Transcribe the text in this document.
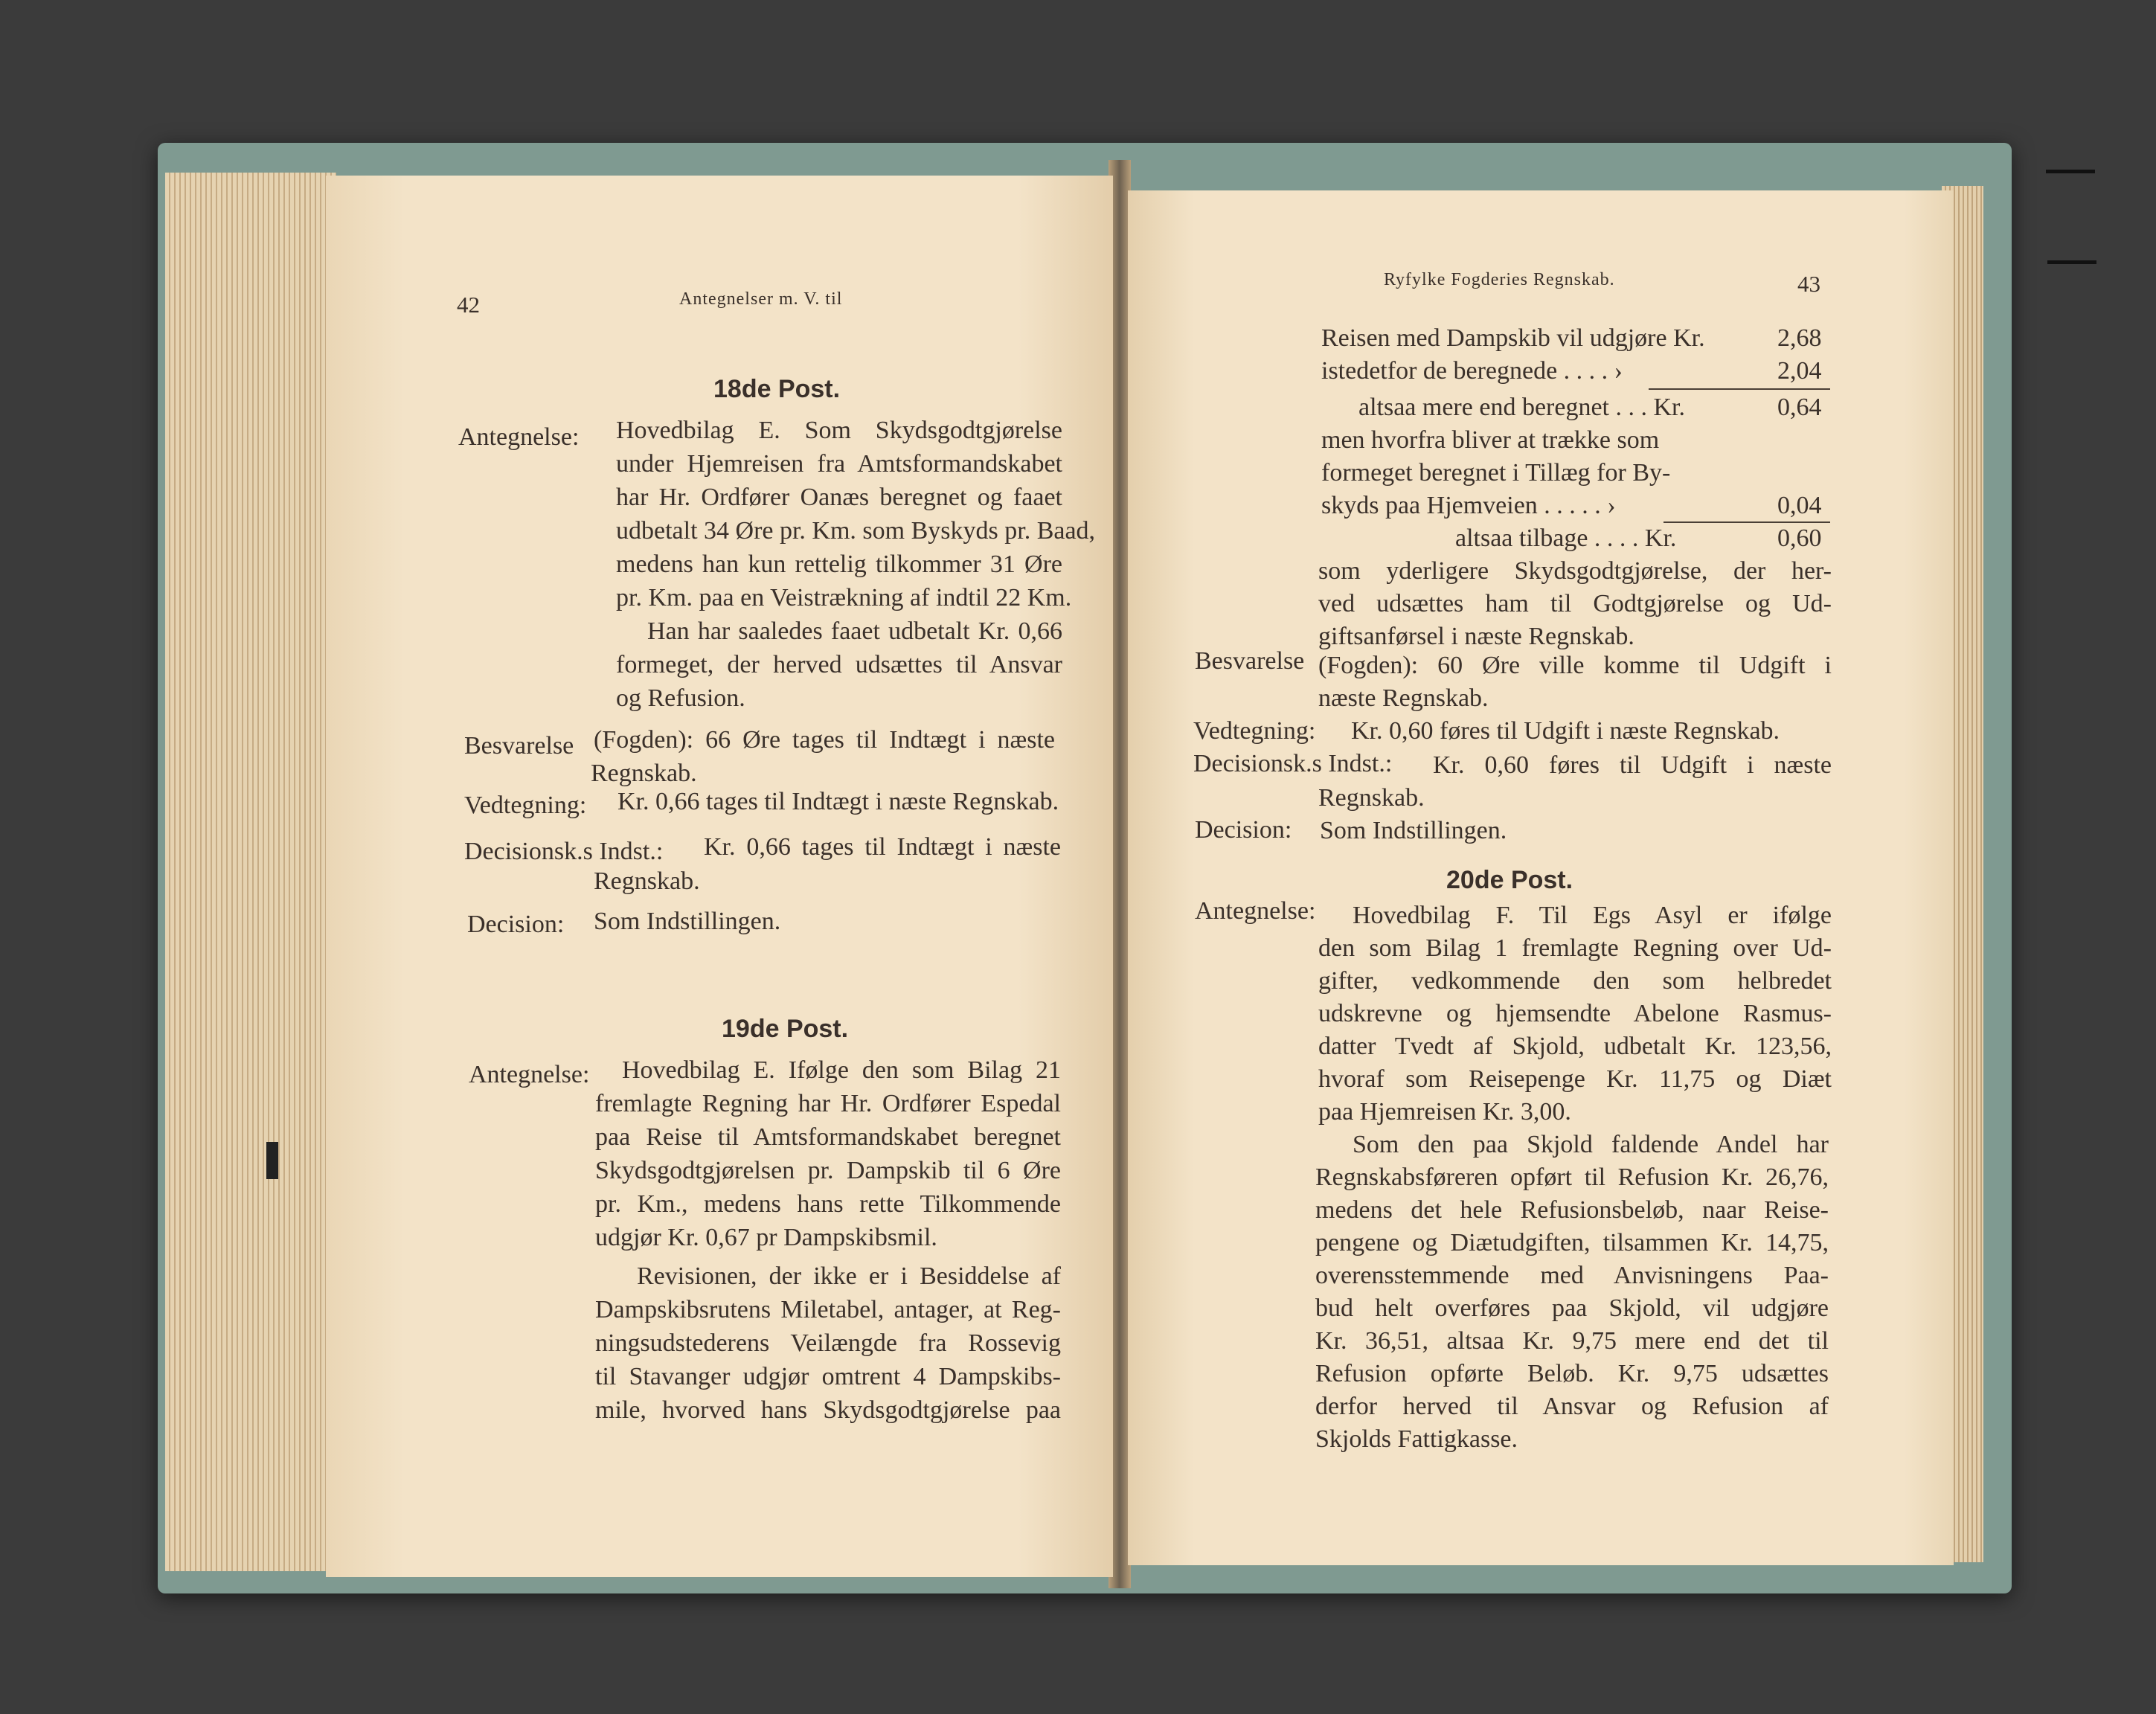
42	Antegnelser m. V. til
18de Post.
Antegnelse: Hovedbilag E. Som Skydsgodtgjørelse
under Hjemreisen fra Amtsformandskabet
har Hr. Ordfører Oanæs beregnet og faaet
udbetalt 34 Øre pr. Km. som Byskyds pr. Baad,
medens han kun rettelig tilkommer 31 Øre
pr. Km. paa en Veistrækning af indtil 22 Km.
Han har saaledes faaet udbetalt Kr. 0,66
formeget, der herved udsættes til Ansvar
og Refusion.
Besvarelse (Fogden): 66 Øre tages til Indtægt i næste
Regnskab.
Vedtegning: Kr. 0,66 tages til Indtægt i næste Regnskab.
Decisionsk.s Indst.: Kr. 0,66 tages til Indtægt i næste
Regnskab.
Decision: Som Indstillingen.
19de Post.
Antegnelse: Hovedbilag E. Ifølge den som Bilag 21
fremlagte Regning har Hr. Ordfører Espedal
paa Reise til Amtsformandskabet beregnet
Skydsgodtgjørelsen pr. Dampskib til 6 Øre
pr. Km., medens hans rette Tilkommende
udgjør Kr. 0,67 pr Dampskibsmil.
Revisionen, der ikke er i Besiddelse af
Dampskibsrutens Miletabel, antager, at Reg-
ningsudstederens Veilængde fra Rossevig
til Stavanger udgjør omtrent 4 Dampskibs-
mile, hvorved hans Skydsgodtgjørelse paa
Ryfylke Fogderies Regnskab.	43
Reisen med Dampskib vil udgjøre Kr.	2,68
istedetfor de beregnede . . . . ›	2,04
altsaa mere end beregnet . . . Kr.	0,64
men hvorfra bliver at trække som
formeget beregnet i Tillæg for By-
skyds paa Hjemveien . . . . . ›	0,04
altsaa tilbage . . . . Kr.	0,60
som yderligere Skydsgodtgjørelse, der her-
ved udsættes ham til Godtgjørelse og Ud-
giftsanførsel i næste Regnskab.
Besvarelse (Fogden): 60 Øre ville komme til Udgift i
næste Regnskab.
Vedtegning: Kr. 0,60 føres til Udgift i næste Regnskab.
Decisionsk.s Indst.: Kr. 0,60 føres til Udgift i næste
Regnskab.
Decision: Som Indstillingen.
20de Post.
Antegnelse: Hovedbilag F. Til Egs Asyl er ifølge
den som Bilag 1 fremlagte Regning over Ud-
gifter, vedkommende den som helbredet
udskrevne og hjemsendte Abelone Rasmus-
datter Tvedt af Skjold, udbetalt Kr. 123,56,
hvoraf som Reisepenge Kr. 11,75 og Diæt
paa Hjemreisen Kr. 3,00.
Som den paa Skjold faldende Andel har
Regnskabsføreren opført til Refusion Kr. 26,76,
medens det hele Refusionsbeløb, naar Reise-
pengene og Diætudgiften, tilsammen Kr. 14,75,
overensstemmende med Anvisningens Paa-
bud helt overføres paa Skjold, vil udgjøre
Kr. 36,51, altsaa Kr. 9,75 mere end det til
Refusion opførte Beløb. Kr. 9,75 udsættes
derfor herved til Ansvar og Refusion af
Skjolds Fattigkasse.
